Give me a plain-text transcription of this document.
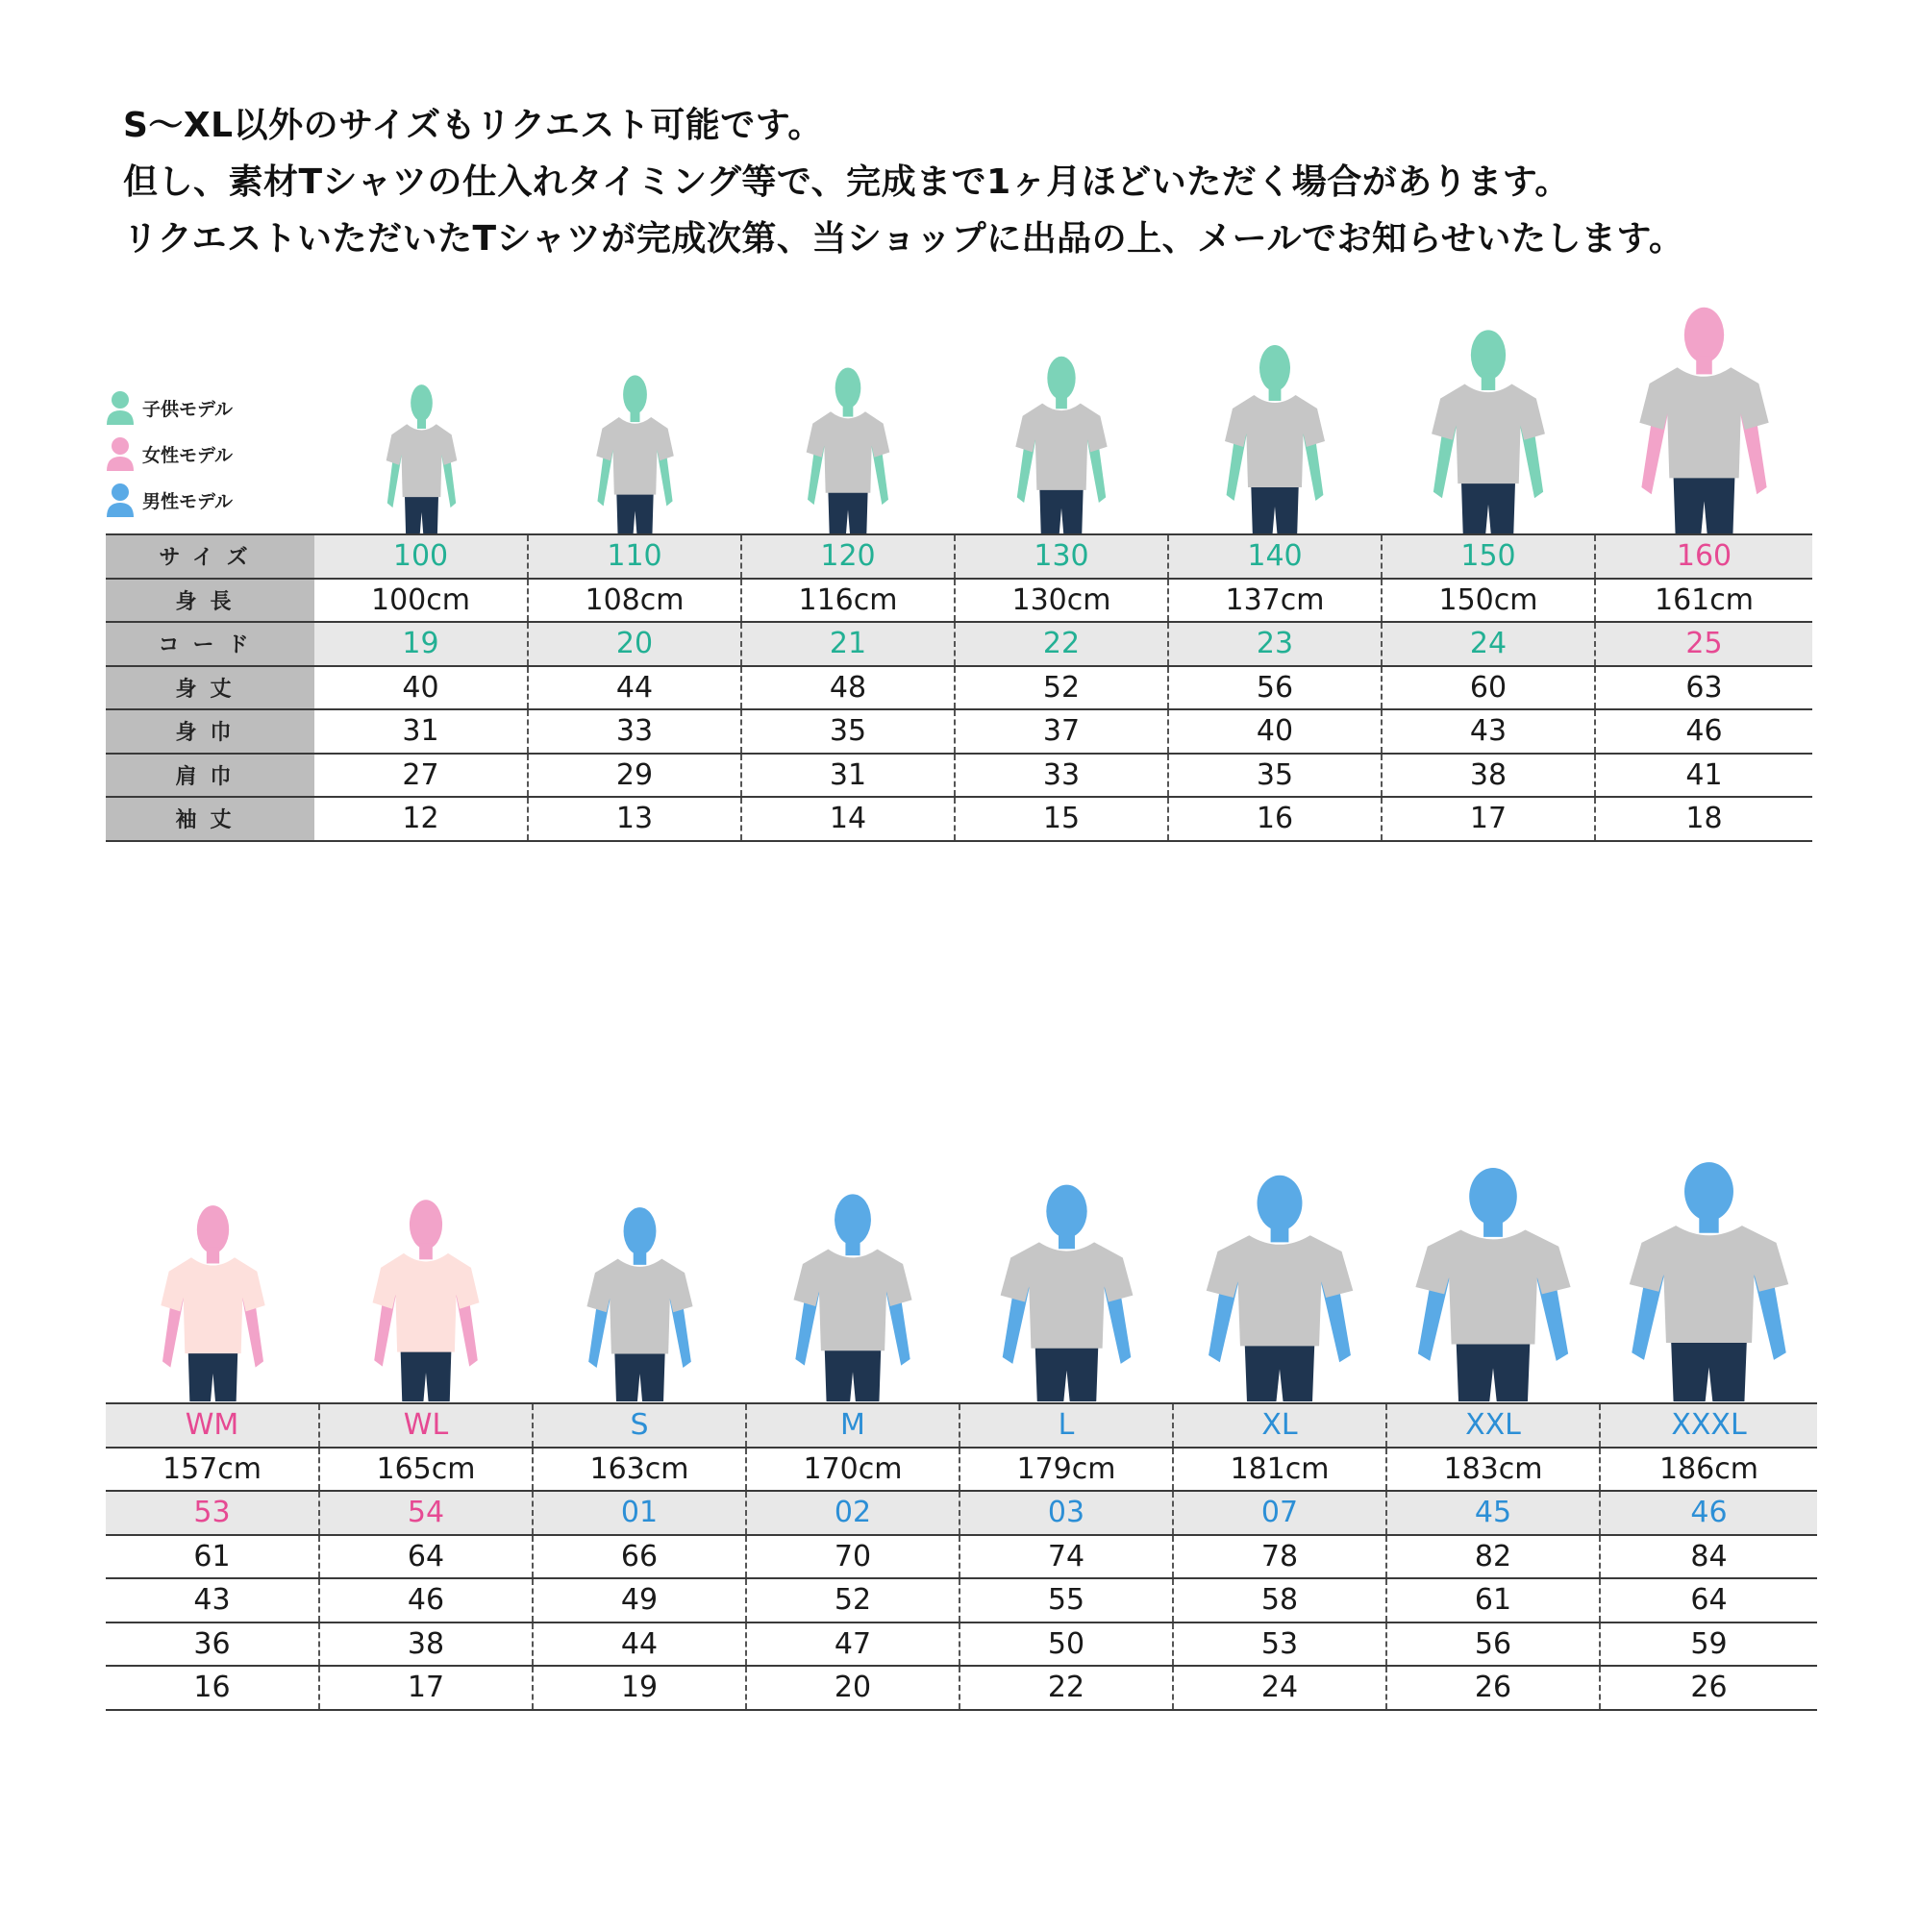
S〜XL以外のサイズもリクエスト可能です。

但し、素材Tシャツの仕入れタイミング等で、完成まで1ヶ月ほどいただく場合があります。

リクエストいただいたTシャツが完成次第、当ショップに出品の上、メールでお知らせいたします。

子供モデル
女性モデル
男性モデル
サイズ	100	110	120	130	140	150	160
身長	100cm	108cm	116cm	130cm	137cm	150cm	161cm
コード	19	20	21	22	23	24	25
身丈	40	44	48	52	56	60	63
身巾	31	33	35	37	40	43	46
肩巾	27	29	31	33	35	38	41
袖丈	12	13	14	15	16	17	18
WM	WL	S	M	L	XL	XXL	XXXL
157cm	165cm	163cm	170cm	179cm	181cm	183cm	186cm
53	54	01	02	03	07	45	46
61	64	66	70	74	78	82	84
43	46	49	52	55	58	61	64
36	38	44	47	50	53	56	59
16	17	19	20	22	24	26	26
